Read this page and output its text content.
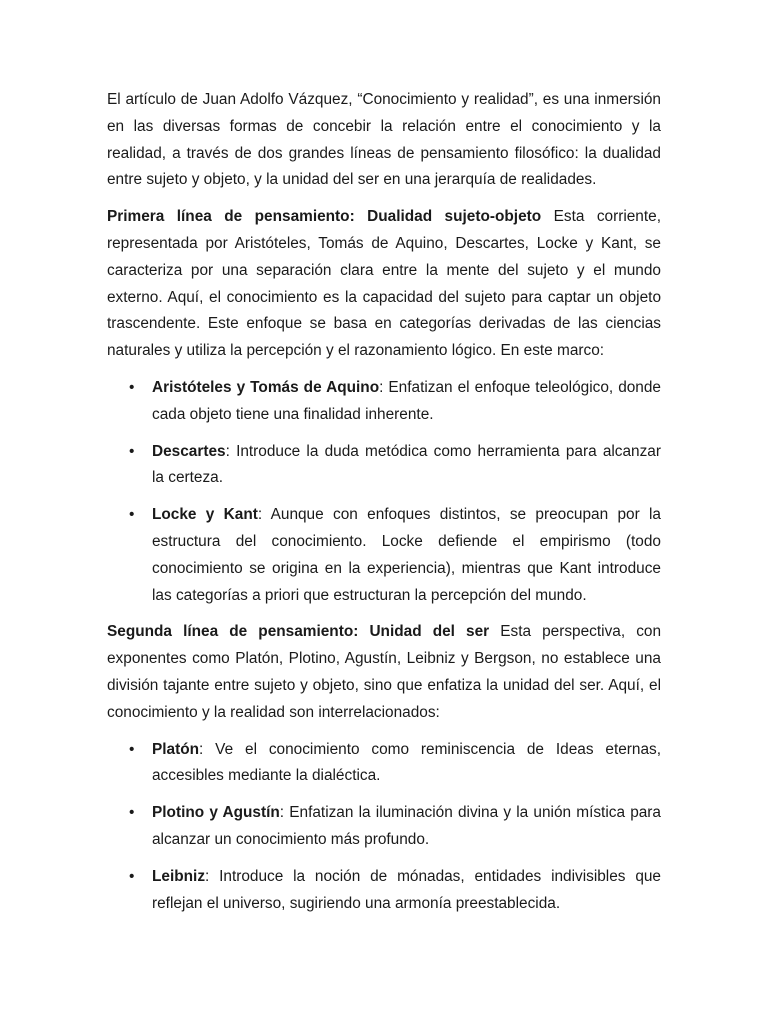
El artículo de Juan Adolfo Vázquez, “Conocimiento y realidad”, es una inmersión en las diversas formas de concebir la relación entre el conocimiento y la realidad, a través de dos grandes líneas de pensamiento filosófico: la dualidad entre sujeto y objeto, y la unidad del ser en una jerarquía de realidades.

Primera línea de pensamiento: Dualidad sujeto-objeto Esta corriente, representada por Aristóteles, Tomás de Aquino, Descartes, Locke y Kant, se caracteriza por una separación clara entre la mente del sujeto y el mundo externo. Aquí, el conocimiento es la capacidad del sujeto para captar un objeto trascendente. Este enfoque se basa en categorías derivadas de las ciencias naturales y utiliza la percepción y el razonamiento lógico. En este marco:

• Aristóteles y Tomás de Aquino: Enfatizan el enfoque teleológico, donde cada objeto tiene una finalidad inherente.
• Descartes: Introduce la duda metódica como herramienta para alcanzar la certeza.
• Locke y Kant: Aunque con enfoques distintos, se preocupan por la estructura del conocimiento. Locke defiende el empirismo (todo conocimiento se origina en la experiencia), mientras que Kant introduce las categorías a priori que estructuran la percepción del mundo.

Segunda línea de pensamiento: Unidad del ser Esta perspectiva, con exponentes como Platón, Plotino, Agustín, Leibniz y Bergson, no establece una división tajante entre sujeto y objeto, sino que enfatiza la unidad del ser. Aquí, el conocimiento y la realidad son interrelacionados:

• Platón: Ve el conocimiento como reminiscencia de Ideas eternas, accesibles mediante la dialéctica.
• Plotino y Agustín: Enfatizan la iluminación divina y la unión mística para alcanzar un conocimiento más profundo.
• Leibniz: Introduce la noción de mónadas, entidades indivisibles que reflejan el universo, sugiriendo una armonía preestablecida.
